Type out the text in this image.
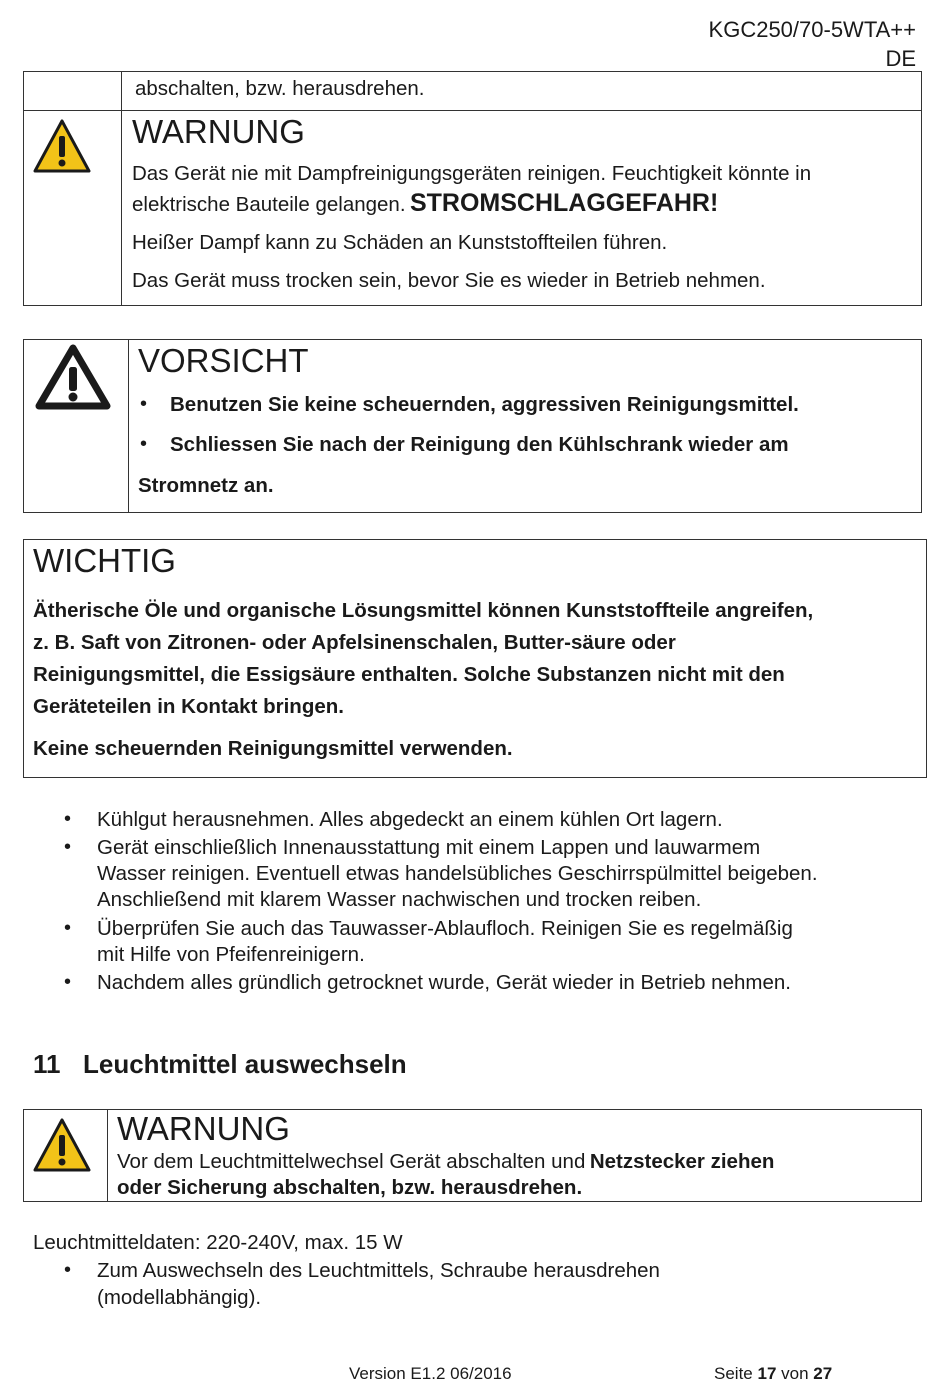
KGC250/70-5WTA++
DE
abschalten, bzw. herausdrehen.
WARNUNG
Das Gerät nie mit Dampfreinigungsgeräten reinigen. Feuchtigkeit könnte in
elektrische Bauteile gelangen. STROMSCHLAGGEFAHR!
Heißer Dampf kann zu Schäden an Kunststoffteilen führen.
Das Gerät muss trocken sein, bevor Sie es wieder in Betrieb nehmen.
VORSICHT
• Benutzen Sie keine scheuernden, aggressiven Reinigungsmittel.
• Schliessen Sie nach der Reinigung den Kühlschrank wieder am
Stromnetz an.
WICHTIG
Ätherische Öle und organische Lösungsmittel können Kunststoffteile angreifen,
z. B. Saft von Zitronen- oder Apfelsinenschalen, Butter-säure oder
Reinigungsmittel, die Essigsäure enthalten. Solche Substanzen nicht mit den
Geräteteilen in Kontakt bringen.
Keine scheuernden Reinigungsmittel verwenden.
• Kühlgut herausnehmen. Alles abgedeckt an einem kühlen Ort lagern.
• Gerät einschließlich Innenausstattung mit einem Lappen und lauwarmem
Wasser reinigen. Eventuell etwas handelsübliches Geschirrspülmittel beigeben.
Anschließend mit klarem Wasser nachwischen und trocken reiben.
• Überprüfen Sie auch das Tauwasser-Ablaufloch. Reinigen Sie es regelmäßig
mit Hilfe von Pfeifenreinigern.
• Nachdem alles gründlich getrocknet wurde, Gerät wieder in Betrieb nehmen.
11 Leuchtmittel auswechseln
WARNUNG
Vor dem Leuchtmittelwechsel Gerät abschalten und Netzstecker ziehen
oder Sicherung abschalten, bzw. herausdrehen.
Leuchtmitteldaten: 220-240V, max. 15 W
• Zum Auswechseln des Leuchtmittels, Schraube herausdrehen
(modellabhängig).
Version E1.2 06/2016	Seite 17 von 27
